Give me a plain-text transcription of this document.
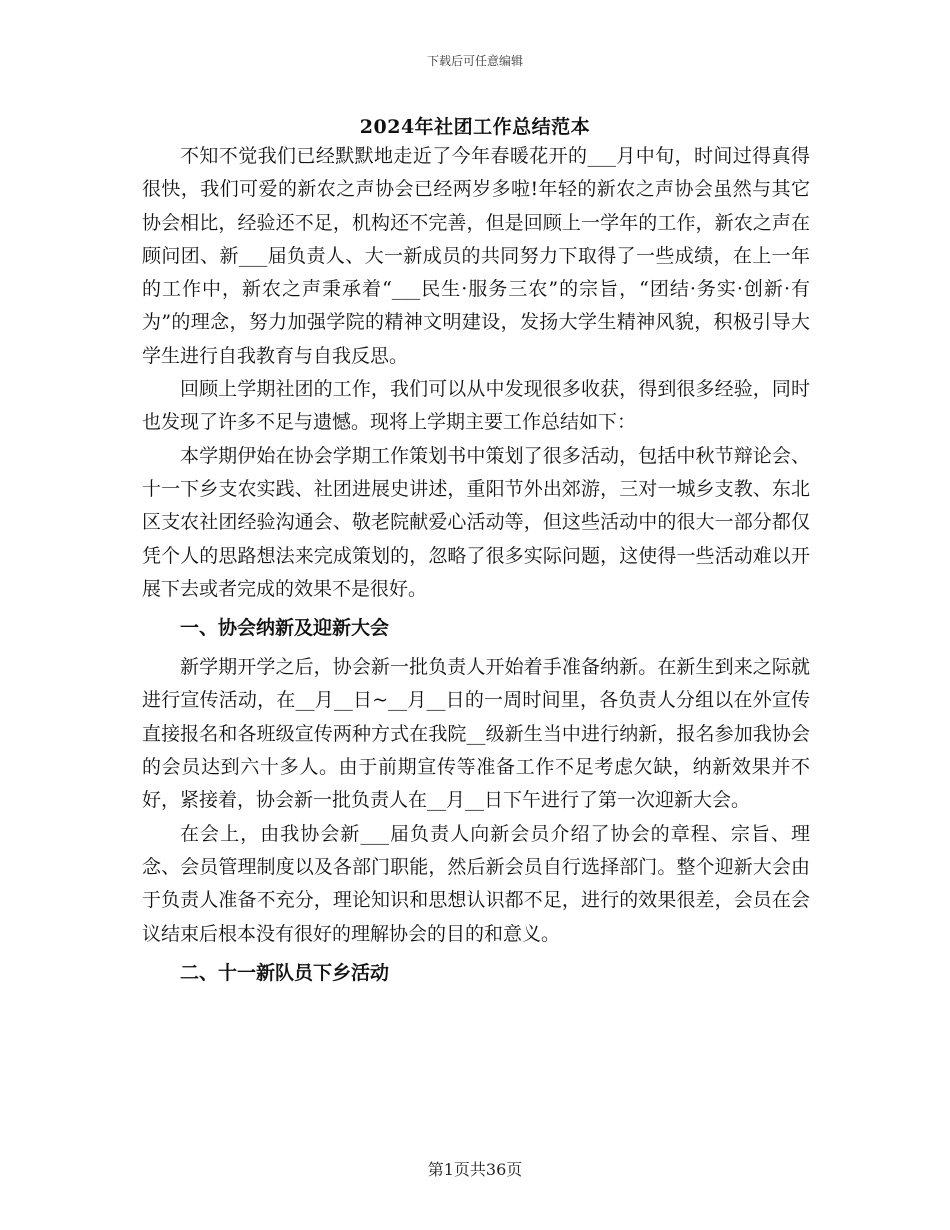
下载后可任意编辑
2024年社团工作总结范本

不知不觉我们已经默默地走近了今年春暖花开的___月中旬，时间过得真得很快，我们可爱的新农之声协会已经两岁多啦!年轻的新农之声协会虽然与其它协会相比，经验还不足，机构还不完善，但是回顾上一学年的工作，新农之声在顾问团、新___届负责人、大一新成员的共同努力下取得了一些成绩，在上一年的工作中，新农之声秉承着“___民生·服务三农”的宗旨，“团结·务实·创新·有为”的理念，努力加强学院的精神文明建设，发扬大学生精神风貌，积极引导大学生进行自我教育与自我反思。

回顾上学期社团的工作，我们可以从中发现很多收获，得到很多经验，同时也发现了许多不足与遗憾。现将上学期主要工作总结如下：

本学期伊始在协会学期工作策划书中策划了很多活动，包括中秋节辩论会、十一下乡支农实践、社团进展史讲述，重阳节外出郊游，三对一城乡支教、东北区支农社团经验沟通会、敬老院献爱心活动等，但这些活动中的很大一部分都仅凭个人的思路想法来完成策划的，忽略了很多实际问题，这使得一些活动难以开展下去或者完成的效果不是很好。

一、协会纳新及迎新大会

新学期开学之后，协会新一批负责人开始着手准备纳新。在新生到来之际就进行宣传活动，在__月__日~__月__日的一周时间里，各负责人分组以在外宣传直接报名和各班级宣传两种方式在我院__级新生当中进行纳新，报名参加我协会的会员达到六十多人。由于前期宣传等准备工作不足考虑欠缺，纳新效果并不好，紧接着，协会新一批负责人在__月__日下午进行了第一次迎新大会。

在会上，由我协会新___届负责人向新会员介绍了协会的章程、宗旨、理念、会员管理制度以及各部门职能，然后新会员自行选择部门。整个迎新大会由于负责人准备不充分，理论知识和思想认识都不足，进行的效果很差，会员在会议结束后根本没有很好的理解协会的目的和意义。

二、十一新队员下乡活动
第1页共36页
